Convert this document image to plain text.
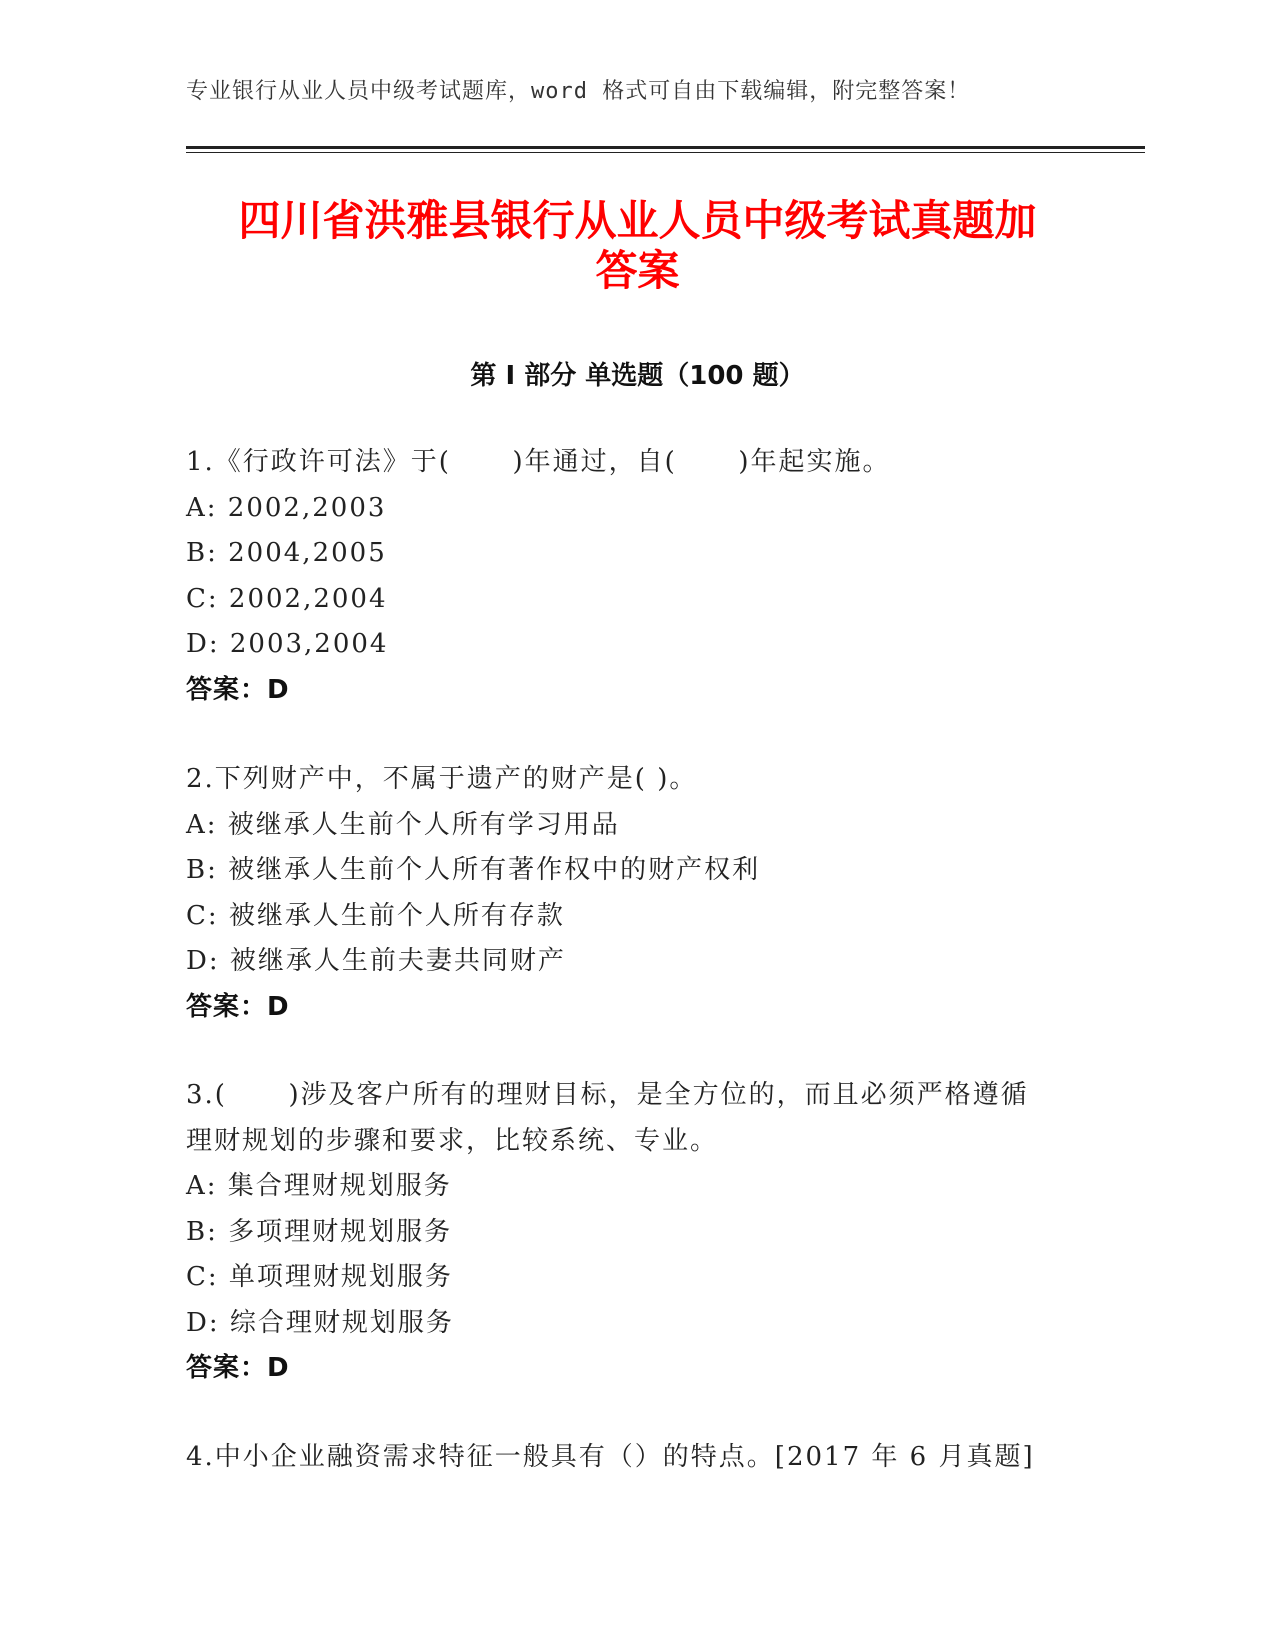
专业银行从业人员中级考试题库，word 格式可自由下载编辑，附完整答案！
四川省洪雅县银行从业人员中级考试真题加
答案
第 I 部分 单选题（100 题）

1.《行政许可法》于(      )年通过，自(      )年起实施。

A: 2002,2003

B: 2004,2005

C: 2002,2004

D: 2003,2004

答案：D

2.下列财产中，不属于遗产的财产是( )。

A: 被继承人生前个人所有学习用品

B: 被继承人生前个人所有著作权中的财产权利

C: 被继承人生前个人所有存款

D: 被继承人生前夫妻共同财产

答案：D

3.(      )涉及客户所有的理财目标，是全方位的，而且必须严格遵循

理财规划的步骤和要求，比较系统、专业。

A: 集合理财规划服务

B: 多项理财规划服务

C: 单项理财规划服务

D: 综合理财规划服务

答案：D

4.中小企业融资需求特征一般具有（）的特点。[2017 年 6 月真题]
